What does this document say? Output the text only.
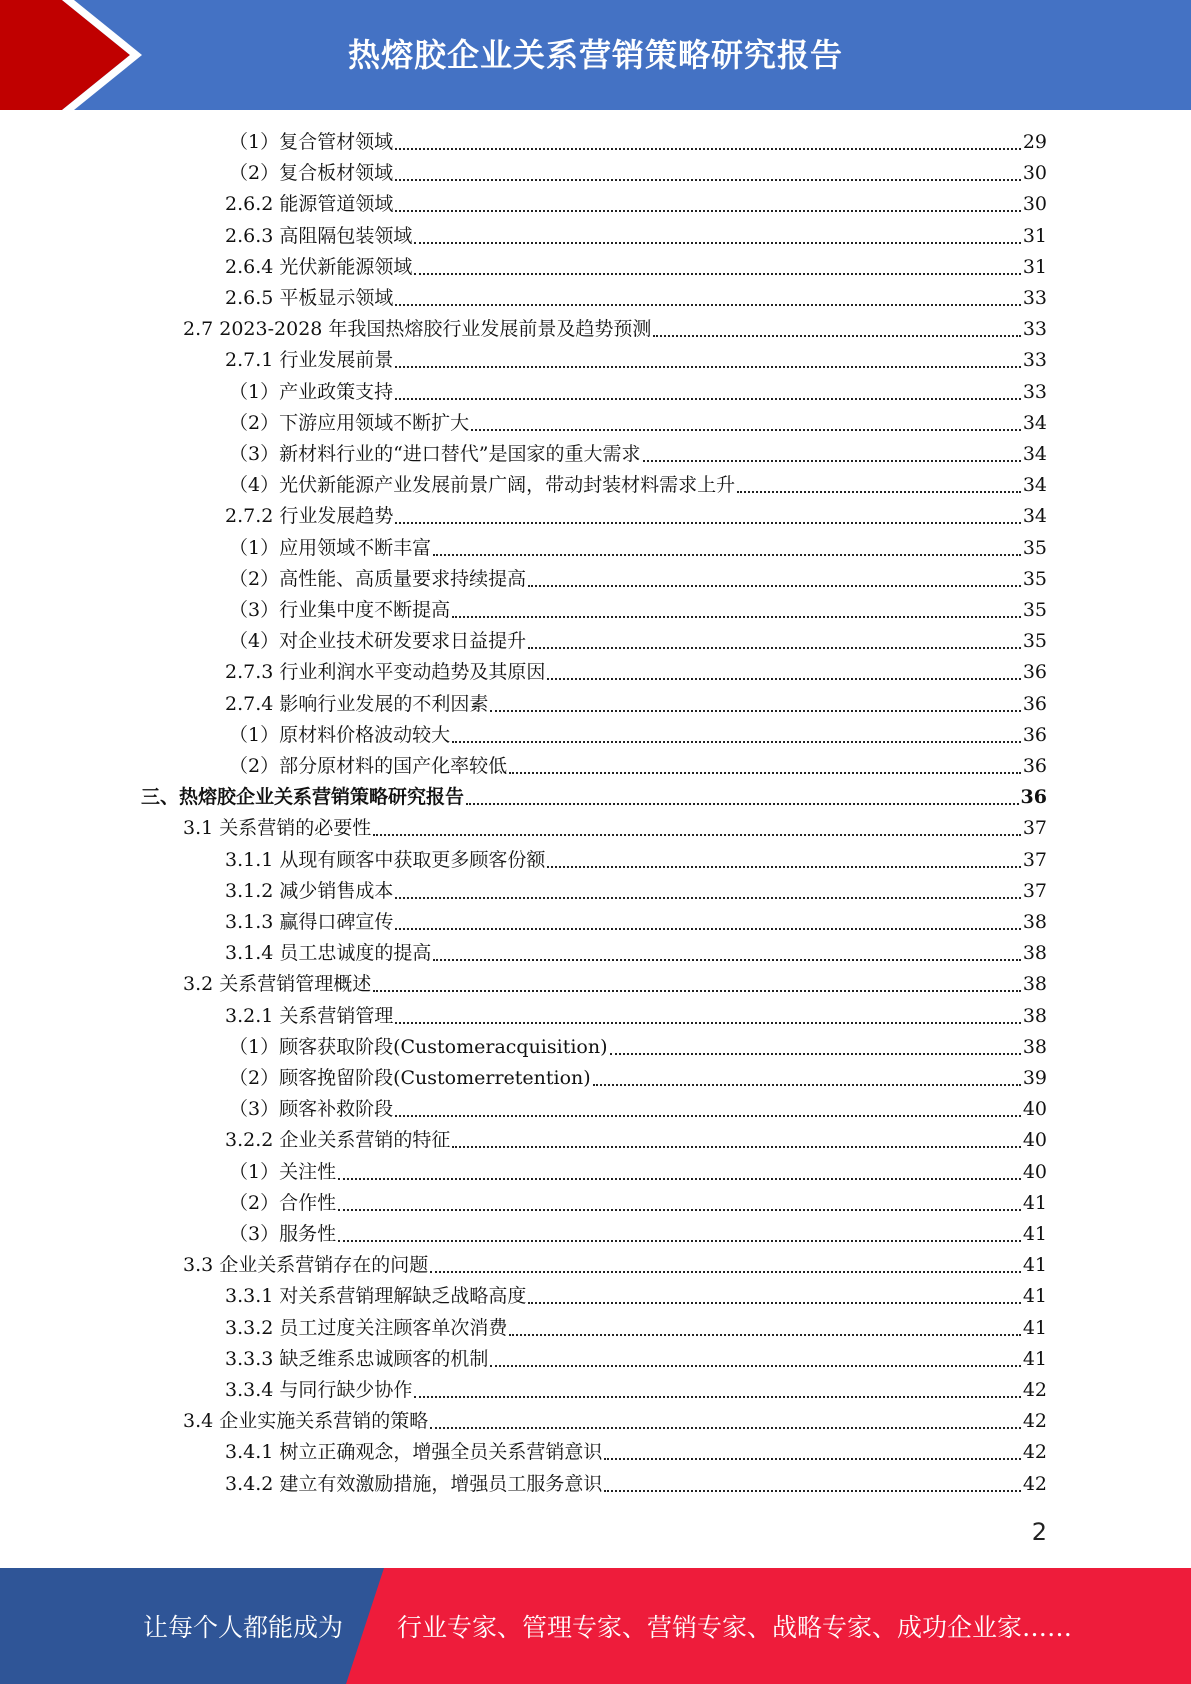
热熔胶企业关系营销策略研究报告
（1）复合管材领域	29
（2）复合板材领域	30
2.6.2 能源管道领域	30
2.6.3 高阻隔包装领域	31
2.6.4 光伏新能源领域	31
2.6.5 平板显示领域	33
2.7 2023-2028 年我国热熔胶行业发展前景及趋势预测	33
2.7.1 行业发展前景	33
（1）产业政策支持	33
（2）下游应用领域不断扩大	34
（3）新材料行业的“进口替代”是国家的重大需求	34
（4）光伏新能源产业发展前景广阔，带动封装材料需求上升	34
2.7.2 行业发展趋势	34
（1）应用领域不断丰富	35
（2）高性能、高质量要求持续提高	35
（3）行业集中度不断提高	35
（4）对企业技术研发要求日益提升	35
2.7.3 行业利润水平变动趋势及其原因	36
2.7.4 影响行业发展的不利因素	36
（1）原材料价格波动较大	36
（2）部分原材料的国产化率较低	36
三、热熔胶企业关系营销策略研究报告	36
3.1 关系营销的必要性	37
3.1.1 从现有顾客中获取更多顾客份额	37
3.1.2 减少销售成本	37
3.1.3 赢得口碑宣传	38
3.1.4 员工忠诚度的提高	38
3.2 关系营销管理概述	38
3.2.1 关系营销管理	38
（1）顾客获取阶段(Customeracquisition)	38
（2）顾客挽留阶段(Customerretention)	39
（3）顾客补救阶段	40
3.2.2 企业关系营销的特征	40
（1）关注性	40
（2）合作性	41
（3）服务性	41
3.3 企业关系营销存在的问题	41
3.3.1 对关系营销理解缺乏战略高度	41
3.3.2 员工过度关注顾客单次消费	41
3.3.3 缺乏维系忠诚顾客的机制	41
3.3.4 与同行缺少协作	42
3.4 企业实施关系营销的策略	42
3.4.1 树立正确观念，增强全员关系营销意识	42
3.4.2 建立有效激励措施，增强员工服务意识	42
2
让每个人都能成为 行业专家、管理专家、营销专家、战略专家、成功企业家……
